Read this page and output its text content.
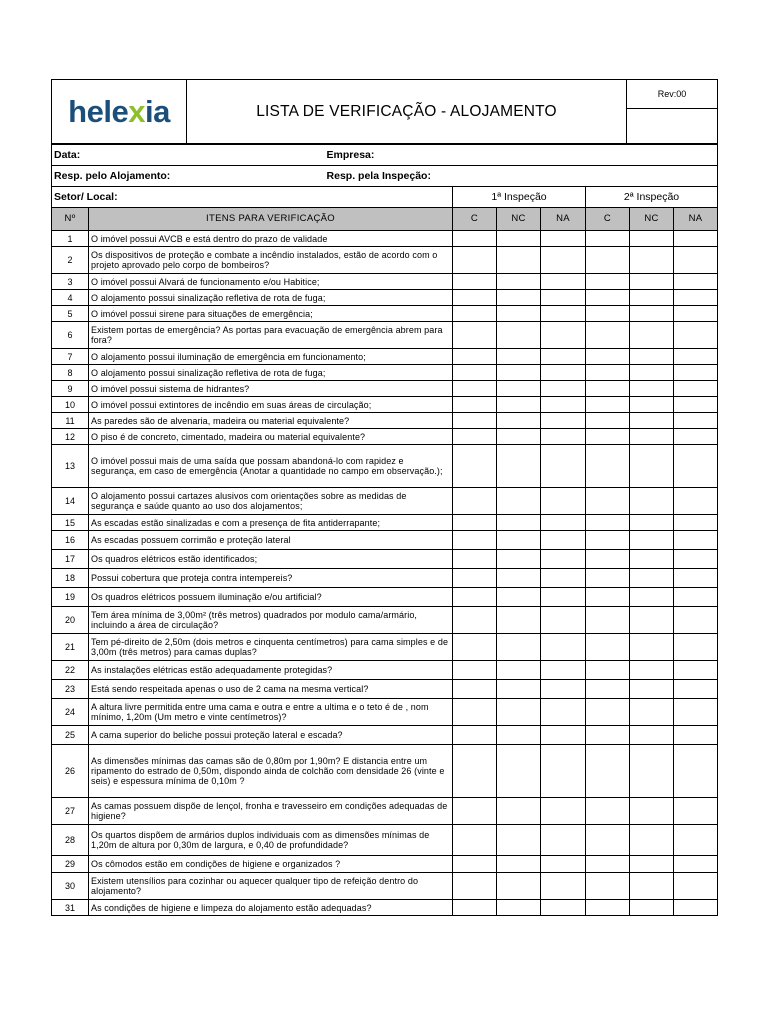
hele x ia	LISTA DE VERIFICAÇÃO - ALOJAMENTO	Rev:00

Data:		Empresa:					
Resp. pelo Alojamento:		Resp. pela Inspeção:					
Setor/ Local:		1ª Inspeção			2ª Inspeção		
Nº	ITENS PARA VERIFICAÇÃO	C	NC	NA	C	NC	NA
1	O imóvel possui AVCB e está dentro do prazo de validade						
2	Os dispositivos de proteção e combate a incêndio instalados, estão de acordo com o projeto aprovado pelo corpo de bombeiros?						
3	O imóvel possui Alvará de funcionamento e/ou Habitice;						
4	O alojamento possui sinalização refletiva de rota de fuga;						
5	O imóvel possui sirene para situações de emergência;						
6	Existem portas de emergência? As portas para evacuação de emergência abrem para fora?						
7	O alojamento possui iluminação de emergência em funcionamento;						
8	O alojamento possui sinalização refletiva de rota de fuga;						
9	O imóvel possui sistema de hidrantes?						
10	O imóvel possui extintores de incêndio em suas áreas de circulação;						
11	As paredes são de alvenaria, madeira ou material equivalente?						
12	O piso é de concreto, cimentado, madeira ou material equivalente?						
13	O imóvel possui mais de uma saída que possam abandoná-lo com rapidez e segurança, em caso de emergência (Anotar a quantidade no campo em observação.);						
14	O alojamento possui cartazes alusivos com orientações sobre as medidas de segurança e saúde quanto ao uso dos alojamentos;						
15	As escadas estão sinalizadas e com a presença de fita antiderrapante;						
16	As escadas possuem corrimão e proteção lateral						
17	Os quadros elétricos estão identificados;						
18	Possui cobertura que proteja contra intempereis?						
19	Os quadros elétricos possuem iluminação e/ou artificial?						
20	Tem área mínima de 3,00m² (três metros) quadrados por modulo cama/armário, incluindo a área de circulação?						
21	Tem pé-direito de 2,50m (dois metros e cinquenta centímetros) para cama simples e de 3,00m (três metros) para camas duplas?						
22	As instalações elétricas estão adequadamente protegidas?						
23	Está sendo respeitada apenas o uso de 2 cama na mesma vertical?						
24	A altura livre permitida entre uma cama e outra e entre a ultima e o teto é de , nom mínimo, 1,20m (Um metro e vinte centímetros)?						
25	A cama superior do beliche possui proteção lateral e escada?						
26	As dimensões mínimas das camas são de 0,80m por 1,90m? E distancia entre um ripamento do estrado de 0,50m, dispondo ainda de colchão com densidade 26 (vinte e seis) e espessura mínima de 0,10m ?						
27	As camas possuem dispõe de lençol, fronha e travesseiro em condições adequadas de higiene?						
28	Os quartos dispõem de armários duplos individuais com as dimensões mínimas de 1,20m de altura por 0,30m de largura, e 0,40 de profundidade?						
29	Os cômodos estão em condições de higiene e organizados ?						
30	Existem utensílios para cozinhar ou aquecer qualquer tipo de refeição dentro do alojamento?						
31	As condições de higiene e limpeza do alojamento estão adequadas?						
